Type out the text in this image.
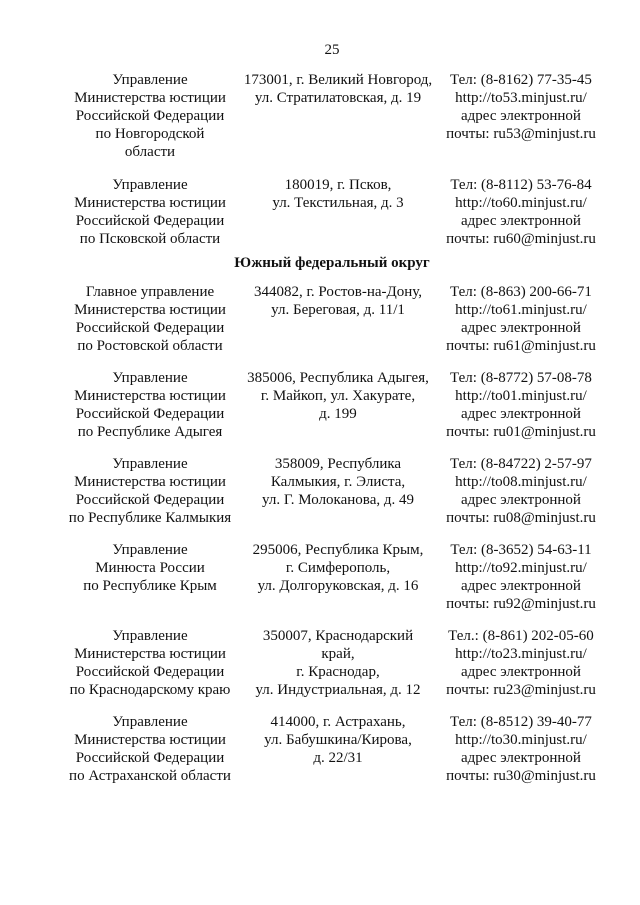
25
Управление
Министерства юстиции
Российской Федерации
по Новгородской
области
173001, г. Великий Новгород,
ул. Стратилатовская, д. 19
Тел: (8-8162) 77-35-45
http://to53.minjust.ru/
адрес электронной
почты: ru53@minjust.ru
Управление
Министерства юстиции
Российской Федерации
по Псковской области
180019, г. Псков,
ул. Текстильная, д. 3
Тел: (8-8112) 53-76-84
http://to60.minjust.ru/
адрес электронной
почты: ru60@minjust.ru
Южный федеральный округ
Главное управление
Министерства юстиции
Российской Федерации
по Ростовской области
344082, г. Ростов-на-Дону,
ул. Береговая, д. 11/1
Тел: (8-863) 200-66-71
http://to61.minjust.ru/
адрес электронной
почты: ru61@minjust.ru
Управление
Министерства юстиции
Российской Федерации
по Республике Адыгея
385006, Республика Адыгея,
г. Майкоп, ул. Хакурате,
д. 199
Тел: (8-8772) 57-08-78
http://to01.minjust.ru/
адрес электронной
почты: ru01@minjust.ru
Управление
Министерства юстиции
Российской Федерации
по Республике Калмыкия
358009, Республика
Калмыкия, г. Элиста,
ул. Г. Молоканова, д. 49
Тел: (8-84722) 2-57-97
http://to08.minjust.ru/
адрес электронной
почты: ru08@minjust.ru
Управление
Минюста России
по Республике Крым
295006, Республика Крым,
г. Симферополь,
ул. Долгоруковская, д. 16
Тел: (8-3652) 54-63-11
http://to92.minjust.ru/
адрес электронной
почты: ru92@minjust.ru
Управление
Министерства юстиции
Российской Федерации
по Краснодарскому краю
350007, Краснодарский
край,
г. Краснодар,
ул. Индустриальная, д. 12
Тел.: (8-861) 202-05-60
http://to23.minjust.ru/
адрес электронной
почты: ru23@minjust.ru
Управление
Министерства юстиции
Российской Федерации
по Астраханской области
414000, г. Астрахань,
ул. Бабушкина/Кирова,
д. 22/31
Тел: (8-8512) 39-40-77
http://to30.minjust.ru/
адрес электронной
почты: ru30@minjust.ru
